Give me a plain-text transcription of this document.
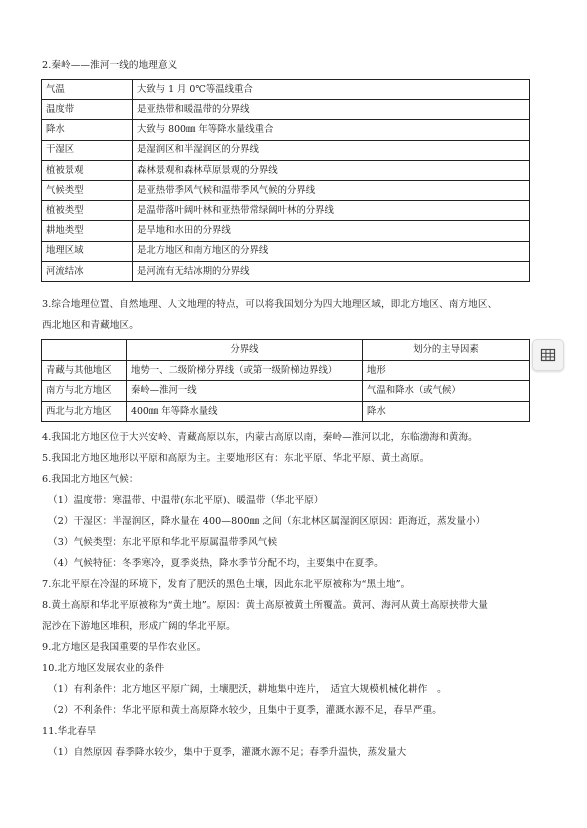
2.秦岭——淮河一线的地理意义
气温	大致与 1 月 0℃等温线重合
温度带	是亚热带和暖温带的分界线
降水	大致与 800㎜ 年等降水量线重合
干湿区	是湿润区和半湿润区的分界线
植被景观	森林景观和森林草原景观的分界线
气候类型	是亚热带季风气候和温带季风气候的分界线
植被类型	是温带落叶阔叶林和亚热带常绿阔叶林的分界线
耕地类型	是旱地和水田的分界线
地理区域	是北方地区和南方地区的分界线
河流结冰	是河流有无结冰期的分界线
3.综合地理位置、自然地理、人文地理的特点，可以将我国划分为四大地理区域，即北方地区、南方地区、
西北地区和青藏地区。
	分界线	划分的主导因素
青藏与其他地区	地势一、二级阶梯分界线（或第一级阶梯边界线）	地形
南方与北方地区	秦岭—淮河一线	气温和降水（或气候）
西北与北方地区	400㎜ 年等降水量线	降水
4.我国北方地区位于大兴安岭、青藏高原以东，内蒙古高原以南，秦岭—淮河以北，东临渤海和黄海。
5.我国北方地区地形以平原和高原为主。主要地形区有：东北平原、华北平原、黄土高原。
6.我国北方地区气候：
（1）温度带：寒温带、中温带(东北平原)、暖温带（华北平原）
（2）干湿区：半湿润区，降水量在 400—800㎜ 之间（东北林区属湿润区原因：距海近，蒸发量小）
（3）气候类型：东北平原和华北平原属温带季风气候
（4）气候特征：冬季寒冷，夏季炎热，降水季节分配不均，主要集中在夏季。
7.东北平原在冷湿的环境下，发育了肥沃的黑色土壤，因此东北平原被称为“黑土地”。
8.黄土高原和华北平原被称为“黄土地”。原因：黄土高原被黄土所覆盖。黄河、海河从黄土高原挟带大量
泥沙在下游地区堆积，形成广阔的华北平原。
9.北方地区是我国重要的旱作农业区。
10.北方地区发展农业的条件
（1）有利条件：北方地区平原广阔，土壤肥沃，耕地集中连片，　适宜大规模机械化耕作　。
（2）不利条件：华北平原和黄土高原降水较少，且集中于夏季，灌溉水源不足，春旱严重。
11.华北春旱
（1）自然原因 春季降水较少，集中于夏季，灌溉水源不足；春季升温快，蒸发量大
